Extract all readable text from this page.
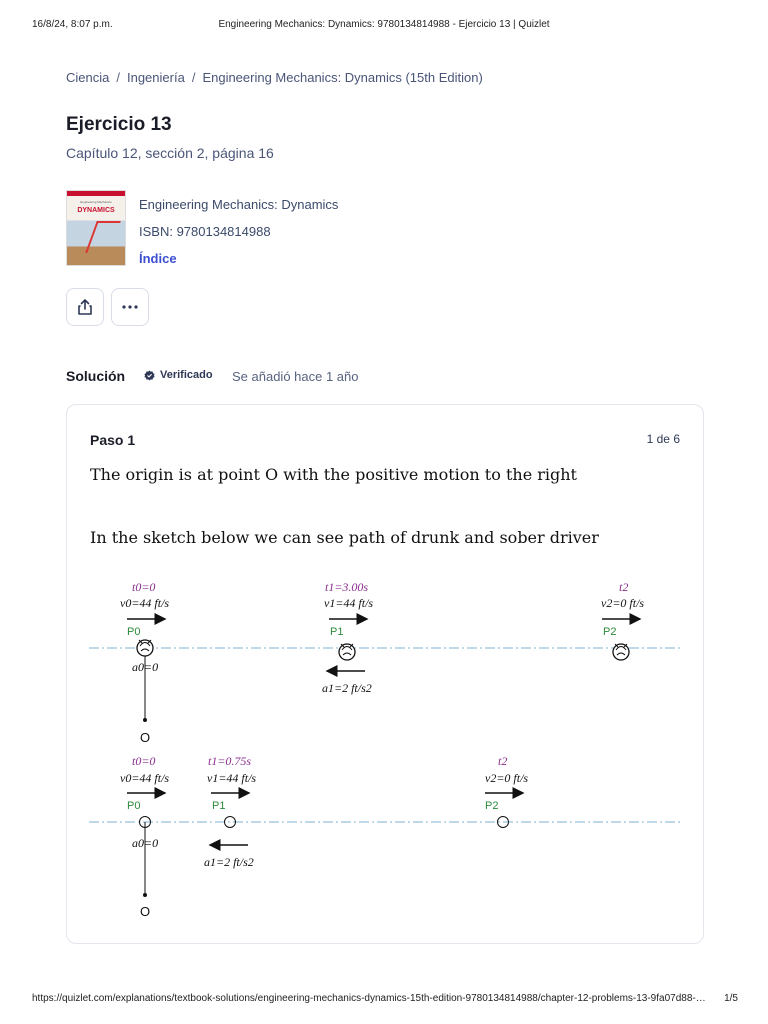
16/8/24, 8:07 p.m.	Engineering Mechanics: Dynamics: 9780134814988 - Ejercicio 13 | Quizlet
Ciencia / Ingeniería / Engineering Mechanics: Dynamics (15th Edition)
Ejercicio 13
Capítulo 12, sección 2, página 16
Engineering Mechanics
DYNAMICS	Engineering Mechanics: Dynamics
ISBN: 9780134814988
Índice
Solución	Verificado Se añadió hace 1 año
Paso 1	1 de 6
The origin is at point O with the positive motion to the right
In the sketch below we can see path of drunk and sober driver
O
t0=0
v0=44 ft/s
P0
a0=0
t1=3.00s
v1=44 ft/s
P1
a1=2 ft/s2
t2
v2=0 ft/s
P2
O
t0=0
v0=44 ft/s
P0
a0=0
t1=0.75s
v1=44 ft/s
P1
a1=2 ft/s2
t2
v2=0 ft/s
P2
https://quizlet.com/explanations/textbook-solutions/engineering-mechanics-dynamics-15th-edition-9780134814988/chapter-12-problems-13-9fa07d88-…	1/5
